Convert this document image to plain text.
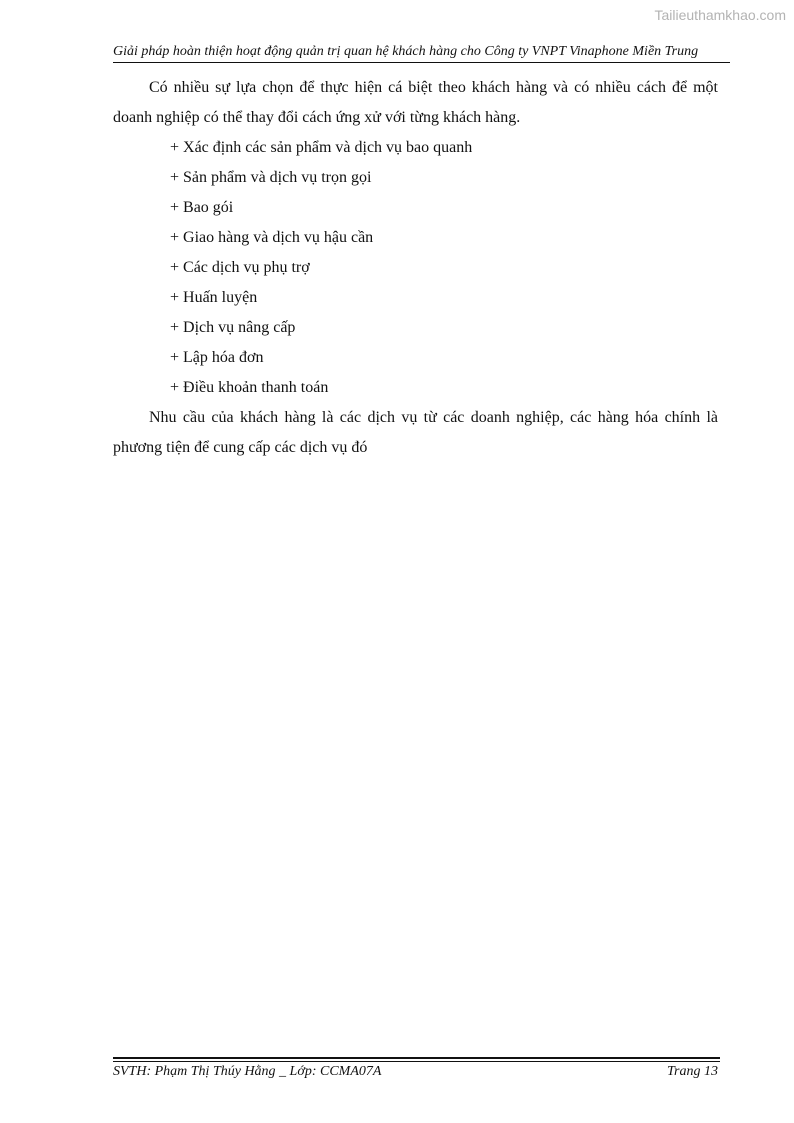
Tailieuthamkhao.com
Giải pháp hoàn thiện hoạt động quản trị quan hệ khách hàng cho Công ty VNPT Vinaphone Miền Trung

Có nhiều sự lựa chọn để thực hiện cá biệt theo khách hàng và có nhiều cách để một doanh nghiệp có thể thay đổi cách ứng xử với từng khách hàng.

+ Xác định các sản phẩm và dịch vụ bao quanh
+ Sản phẩm và dịch vụ trọn gọi
+ Bao gói
+ Giao hàng và dịch vụ hậu cần
+ Các dịch vụ phụ trợ
+ Huấn luyện
+ Dịch vụ nâng cấp
+ Lập hóa đơn
+ Điều khoản thanh toán

Nhu cầu của khách hàng là các dịch vụ từ các doanh nghiệp, các hàng hóa chính là phương tiện để cung cấp các dịch vụ đó

SVTH: Phạm Thị Thúy Hằng _ Lớp: CCMA07A	Trang 13
